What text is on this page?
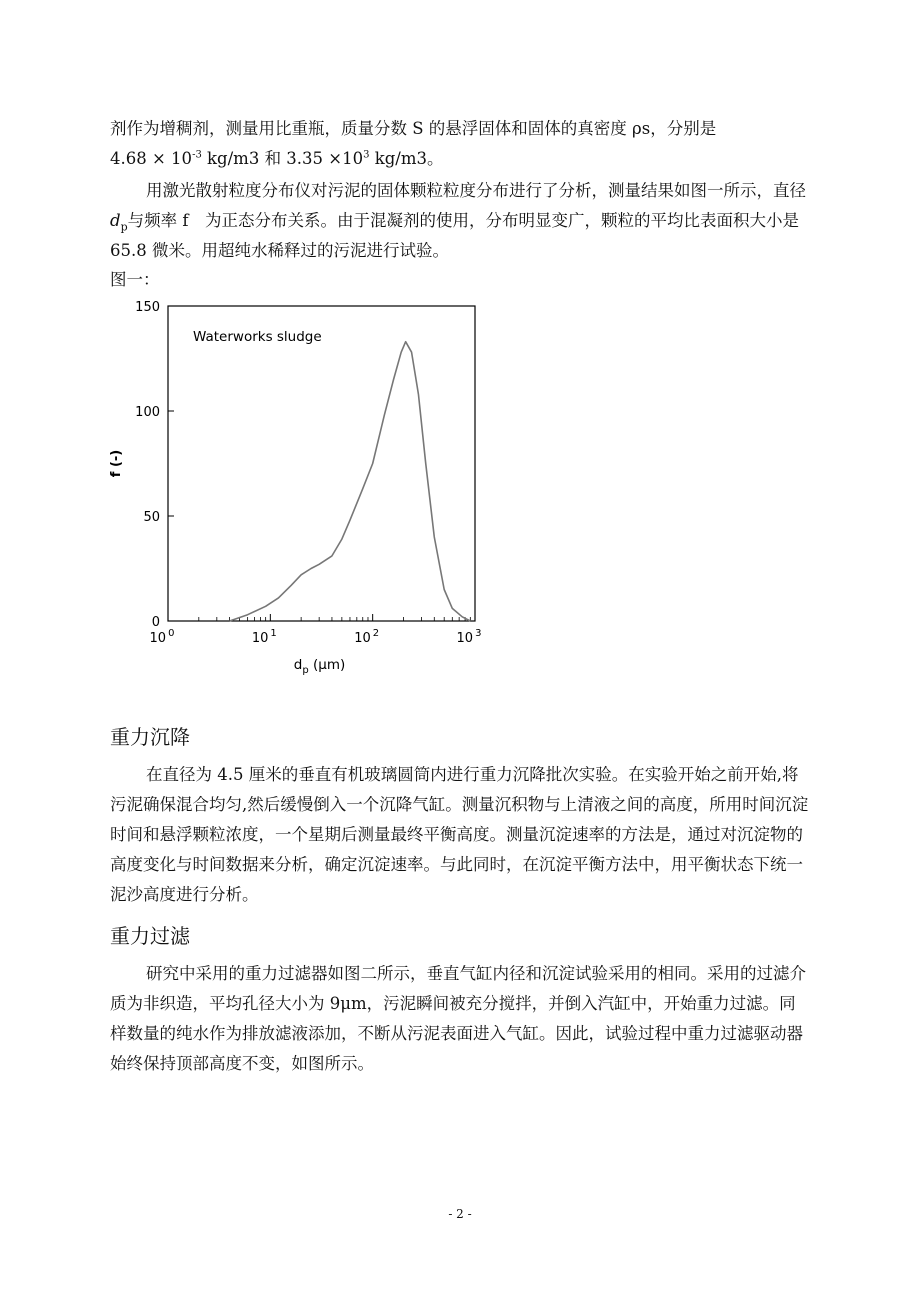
剂作为增稠剂，测量用比重瓶，质量分数 S 的悬浮固体和固体的真密度 ρs，分别是
$4.68 \times 10^{-3}$ kg/m3 和 $3.35 \times 10^3$ kg/m3。

用激光散射粒度分布仪对污泥的固体颗粒粒度分布进行了分析，测量结果如图一所示，直径 $d_p$与频率 f　为正态分布关系。由于混凝剂的使用，分布明显变广，颗粒的平均比表面积大小是 65.8 微米。用超纯水稀释过的污泥进行试验。

图一：
0
50
100
150
10 $^0$	10 $^1$	10 $^2$	10 $^3$
Waterworks sludge
f (-)
$d_p$ (μm)
重力沉降

在直径为 4.5 厘米的垂直有机玻璃圆筒内进行重力沉降批次实验。在实验开始之前开始,将污泥确保混合均匀,然后缓慢倒入一个沉降气缸。测量沉积物与上清液之间的高度，所用时间沉淀时间和悬浮颗粒浓度，一个星期后测量最终平衡高度。测量沉淀速率的方法是，通过对沉淀物的高度变化与时间数据来分析，确定沉淀速率。与此同时，在沉淀平衡方法中，用平衡状态下统一泥沙高度进行分析。

重力过滤

研究中采用的重力过滤器如图二所示，垂直气缸内径和沉淀试验采用的相同。采用的过滤介质为非织造，平均孔径大小为 9μm，污泥瞬间被充分搅拌，并倒入汽缸中，开始重力过滤。同样数量的纯水作为排放滤液添加，不断从污泥表面进入气缸。因此，试验过程中重力过滤驱动器始终保持顶部高度不变，如图所示。

- 2 -
